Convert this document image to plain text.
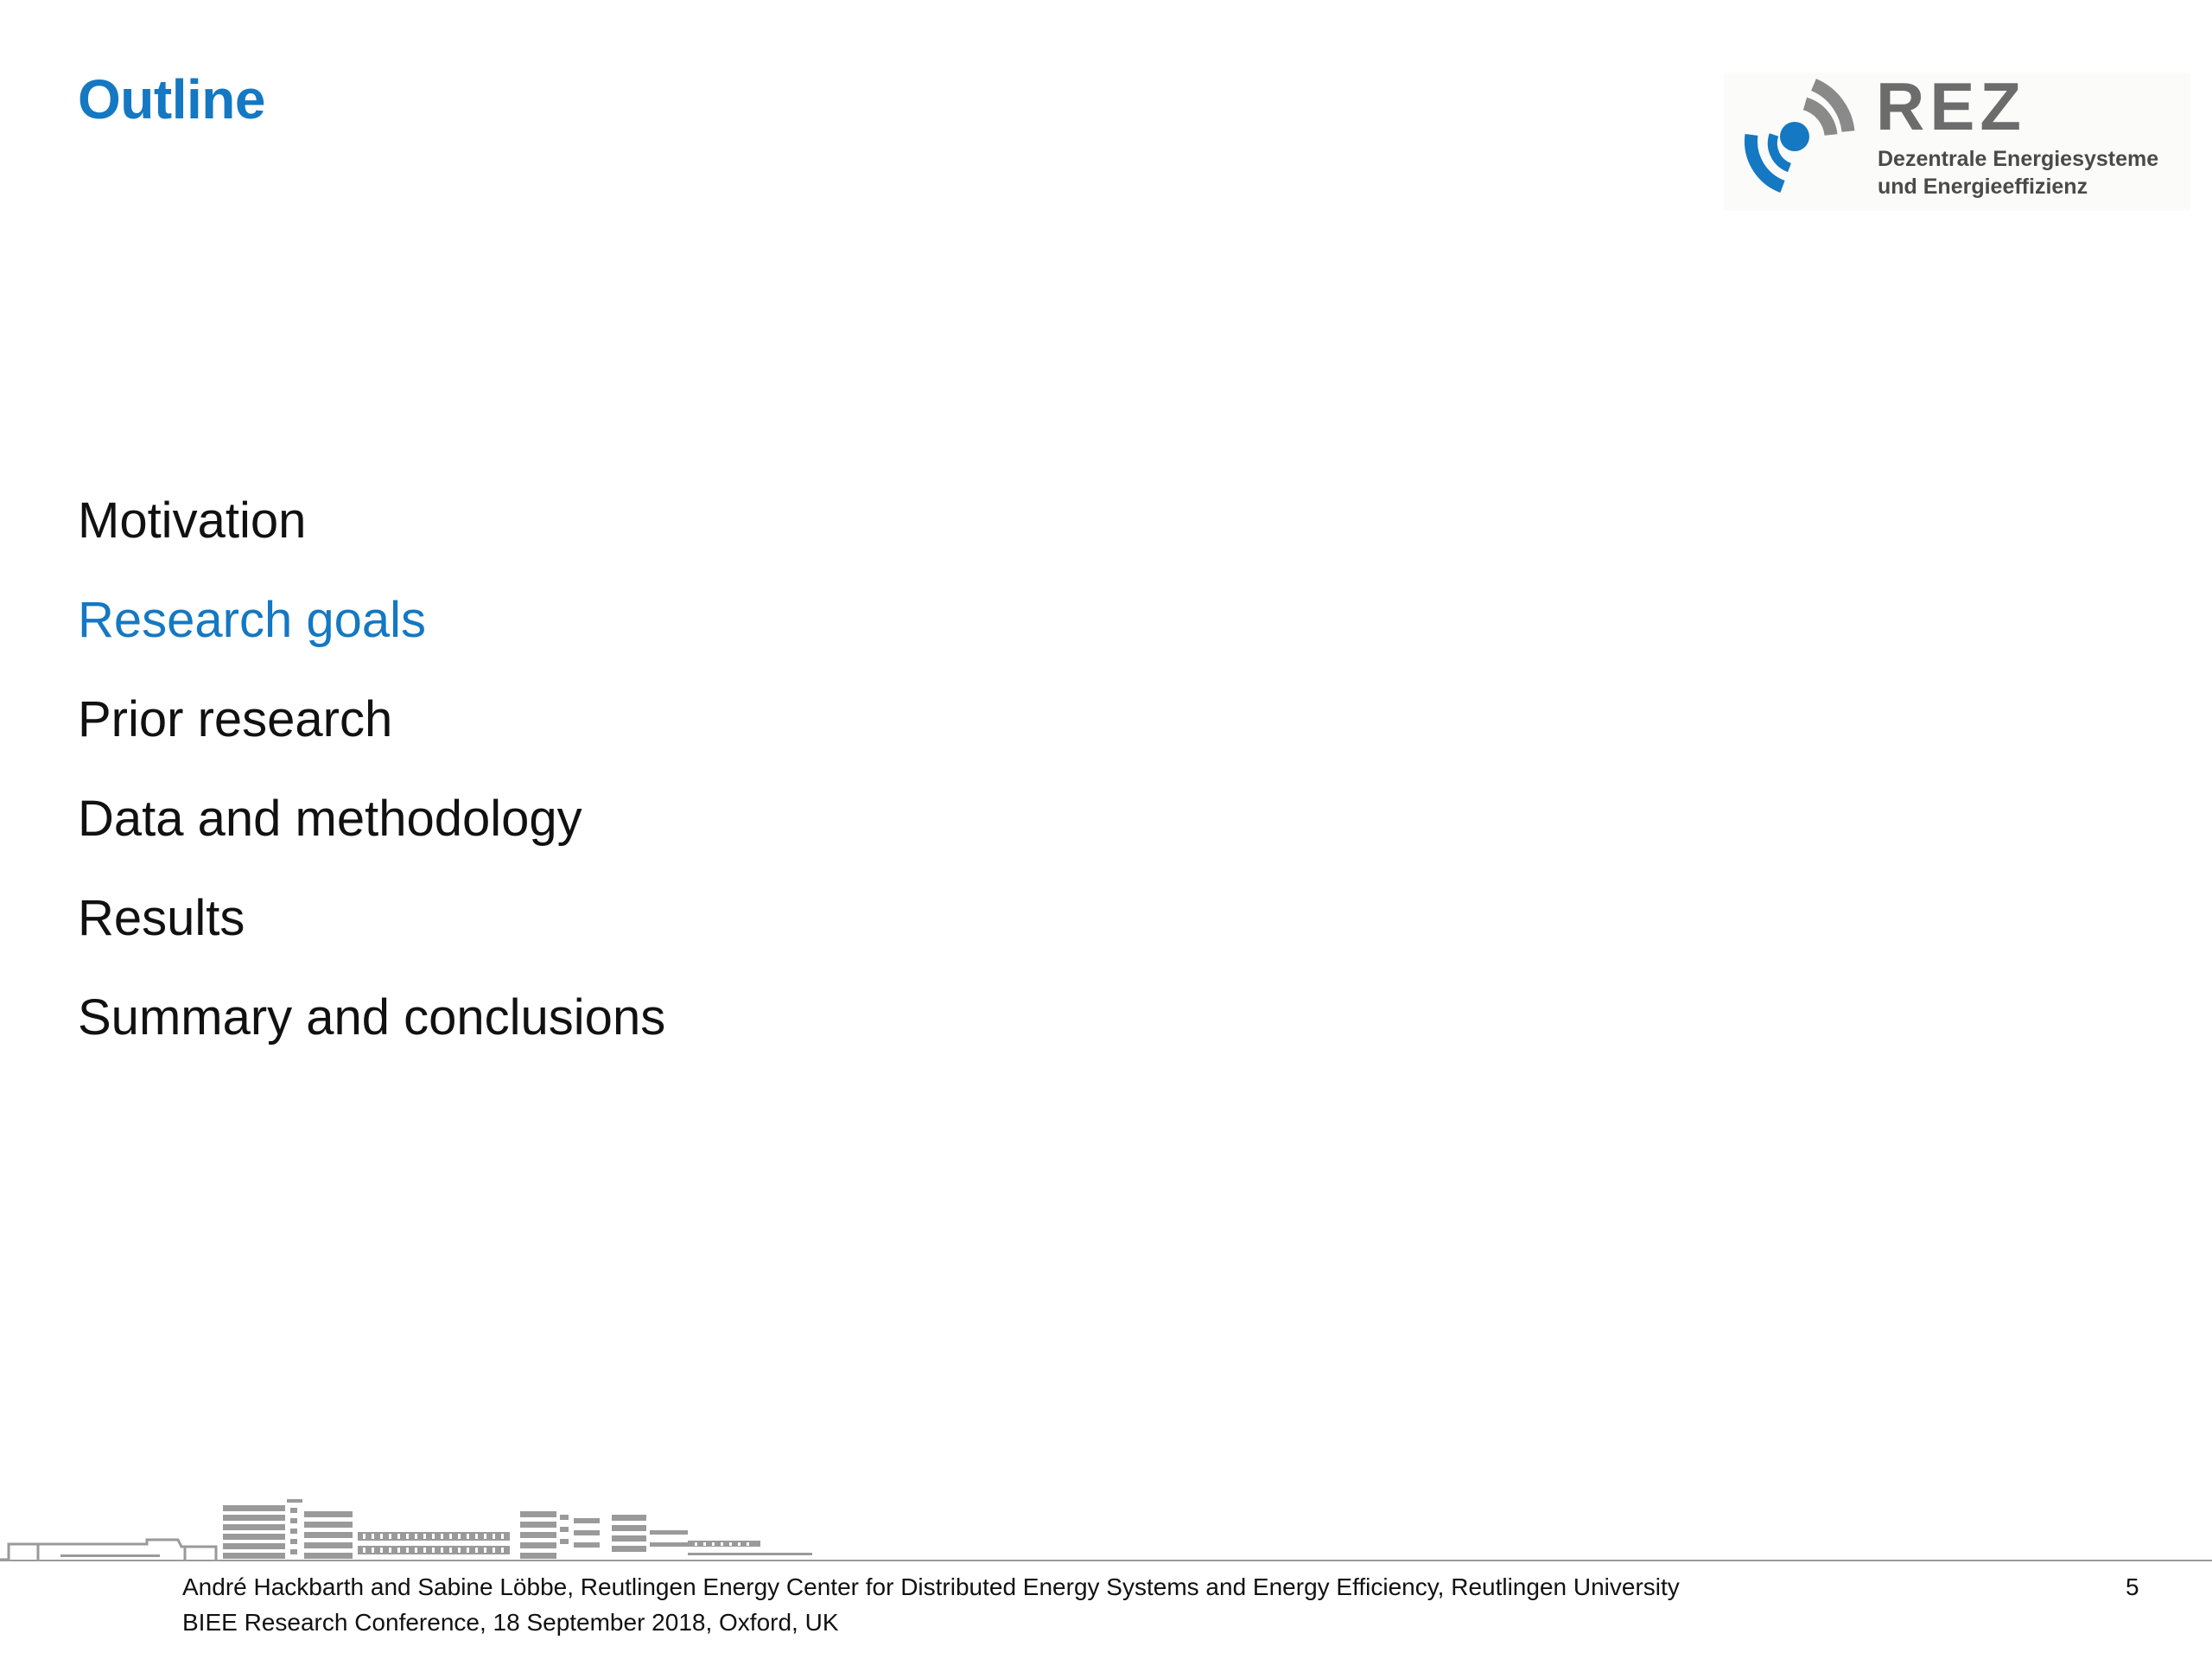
Outline	REZ
Dezentrale Energiesysteme
und Energieeffizienz
Motivation
Research goals
Prior research
Data and methodology
Results
Summary and conclusions
André Hackbarth and Sabine Löbbe, Reutlingen Energy Center for Distributed Energy Systems and Energy Efficiency, Reutlingen University
BIEE Research Conference, 18 September 2018, Oxford, UK
5
